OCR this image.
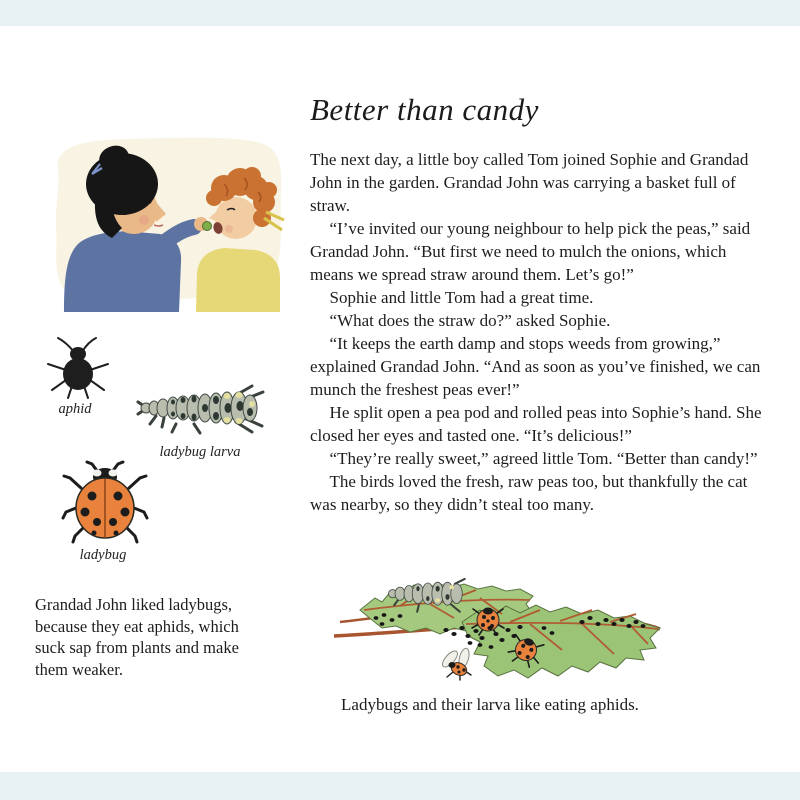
Better than candy

The next day, a little boy called Tom joined Sophie and Grandad John in the garden. Grandad John was carrying a basket full of straw.

“I’ve invited our young neighbour to help pick the peas,” said Grandad John. “But first we need to mulch the onions, which means we spread straw around them. Let’s go!”

Sophie and little Tom had a great time.

“What does the straw do?” asked Sophie.

“It keeps the earth damp and stops weeds from growing,” explained Grandad John. “And as soon as you’ve finished, we can munch the freshest peas ever!”

He split open a pea pod and rolled peas into Sophie’s hand. She closed her eyes and tasted one. “It’s delicious!”

“They’re really sweet,” agreed little Tom. “Better than candy!”

The birds loved the fresh, raw peas too, but thankfully the cat was nearby, so they didn’t steal too many.

aphid
ladybug larva
ladybug
Grandad John liked ladybugs, because they eat aphids, which suck sap from plants and make them weaker.
Ladybugs and their larva like eating aphids.
